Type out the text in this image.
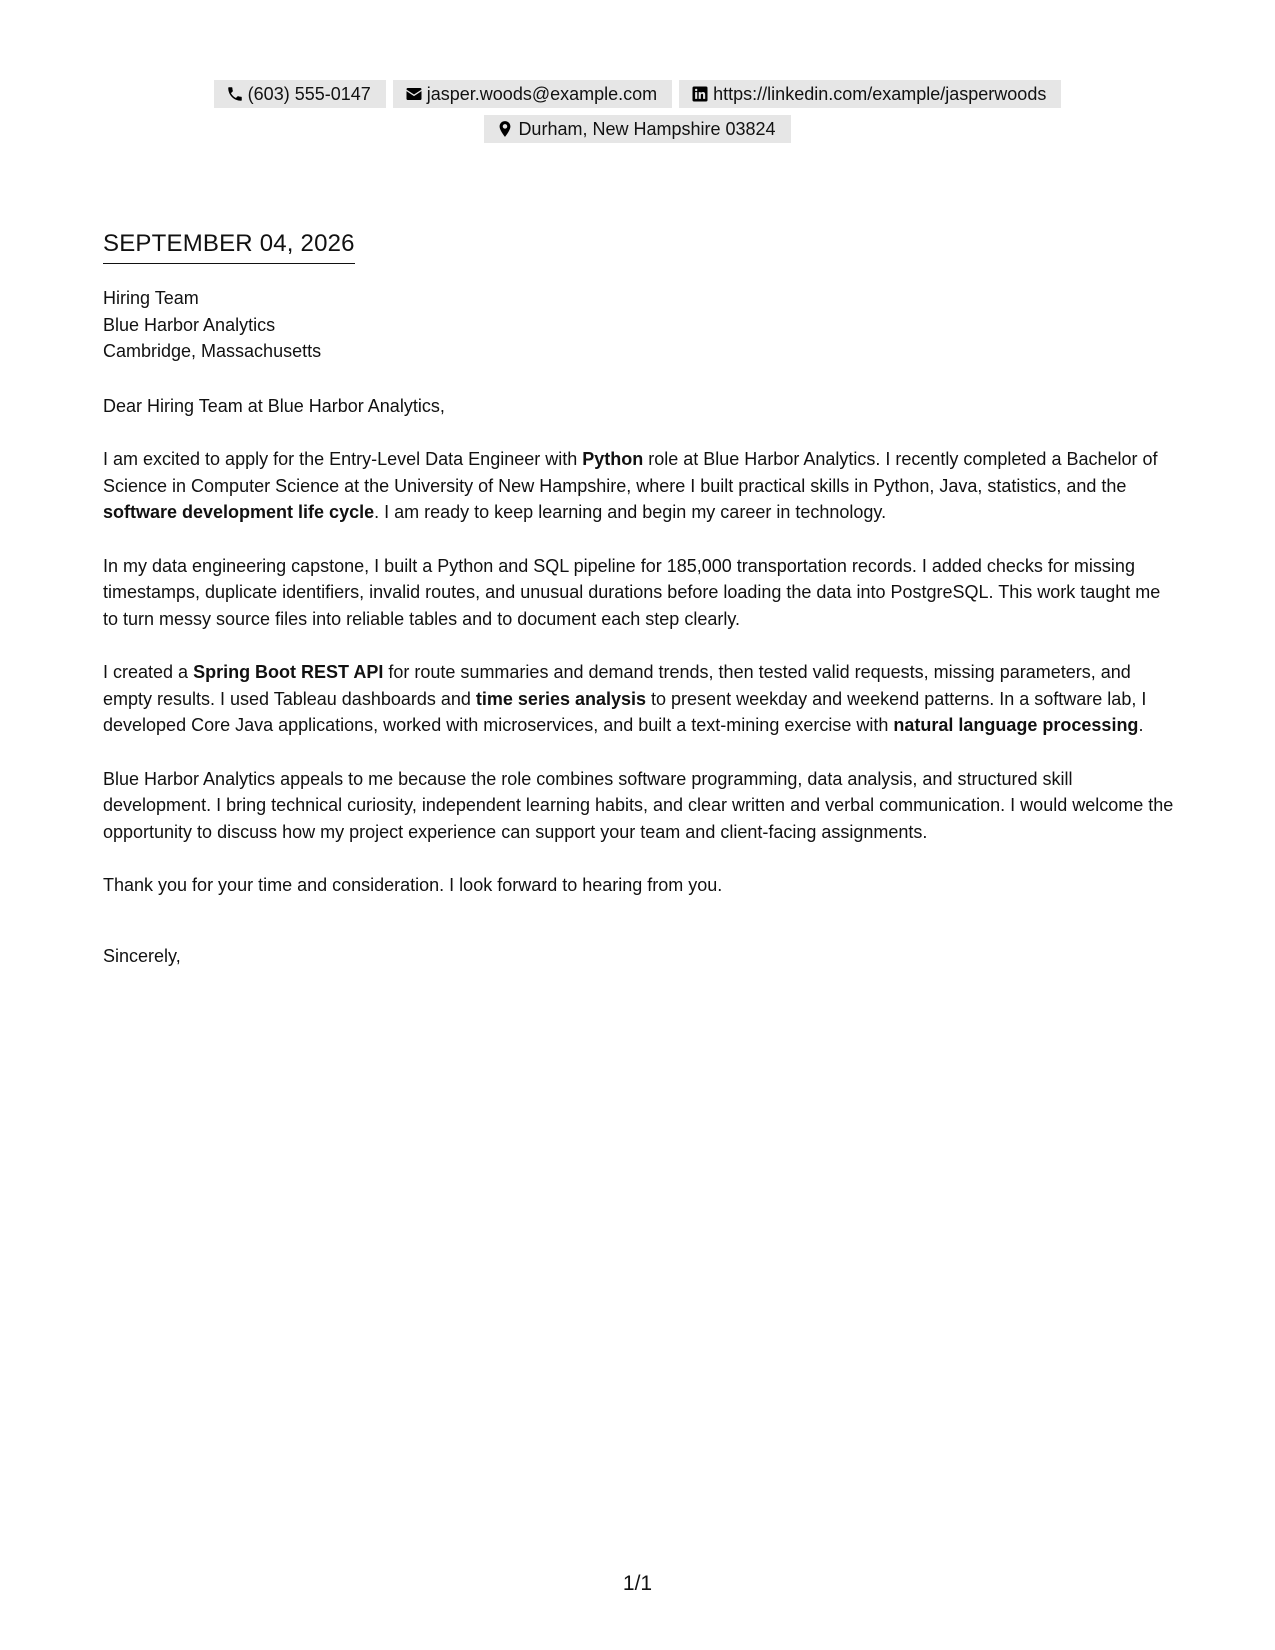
(603) 555-0147	jasper.woods@example.com	https://linkedin.com/example/jasperwoods
Durham, New Hampshire 03824
SEPTEMBER 04, 2026
Hiring Team
Blue Harbor Analytics
Cambridge, Massachusetts
Dear Hiring Team at Blue Harbor Analytics,

I am excited to apply for the Entry-Level Data Engineer with Python role at Blue Harbor Analytics. I recently completed a Bachelor of Science in Computer Science at the University of New Hampshire, where I built practical skills in Python, Java, statistics, and the software development life cycle. I am ready to keep learning and begin my career in technology.

In my data engineering capstone, I built a Python and SQL pipeline for 185,000 transportation records. I added checks for missing timestamps, duplicate identifiers, invalid routes, and unusual durations before loading the data into PostgreSQL. This work taught me to turn messy source files into reliable tables and to document each step clearly.

I created a Spring Boot REST API for route summaries and demand trends, then tested valid requests, missing parameters, and empty results. I used Tableau dashboards and time series analysis to present weekday and weekend patterns. In a software lab, I developed Core Java applications, worked with microservices, and built a text-mining exercise with natural language processing.

Blue Harbor Analytics appeals to me because the role combines software programming, data analysis, and structured skill development. I bring technical curiosity, independent learning habits, and clear written and verbal communication. I would welcome the opportunity to discuss how my project experience can support your team and client-facing assignments.

Thank you for your time and consideration. I look forward to hearing from you.

Sincerely,
1/1
